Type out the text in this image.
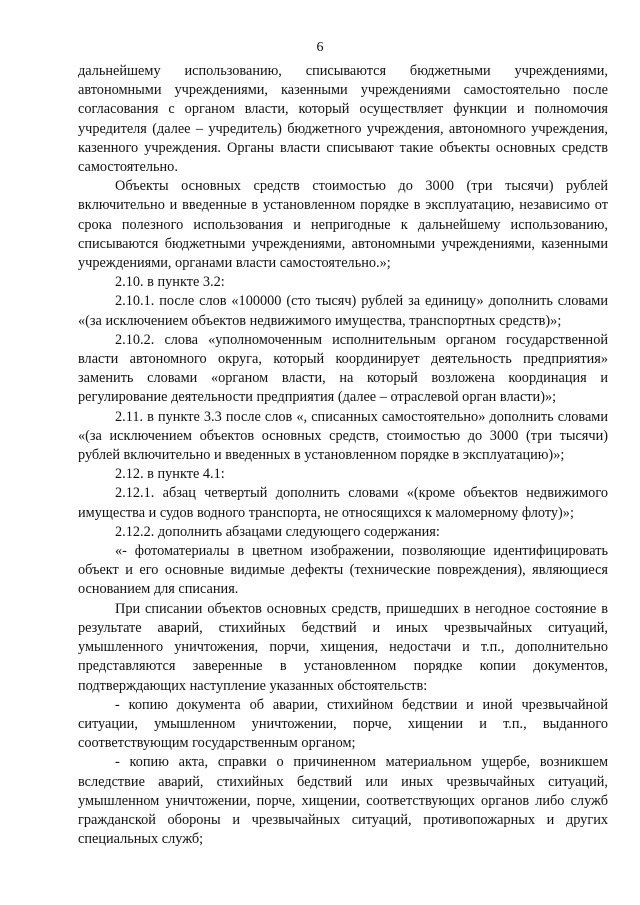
6

дальнейшему использованию, списываются бюджетными учреждениями, автономными учреждениями, казенными учреждениями самостоятельно после согласования с органом власти, который осуществляет функции и полномочия учредителя (далее – учредитель) бюджетного учреждения, автономного учреждения, казенного учреждения. Органы власти списывают такие объекты основных средств самостоятельно.

Объекты основных средств стоимостью до 3000 (три тысячи) рублей включительно и введенные в установленном порядке в эксплуатацию, независимо от срока полезного использования и непригодные к дальнейшему использованию, списываются бюджетными учреждениями, автономными учреждениями, казенными учреждениями, органами власти самостоятельно.»;

2.10. в пункте 3.2:

2.10.1. после слов «100000 (сто тысяч) рублей за единицу» дополнить словами «(за исключением объектов недвижимого имущества, транспортных средств)»;

2.10.2. слова «уполномоченным исполнительным органом государственной власти автономного округа, который координирует деятельность предприятия» заменить словами «органом власти, на который возложена координация и регулирование деятельности предприятия (далее – отраслевой орган власти)»;

2.11. в пункте 3.3 после слов «, списанных самостоятельно» дополнить словами «(за исключением объектов основных средств, стоимостью до 3000 (три тысячи) рублей включительно и введенных в установленном порядке в эксплуатацию)»;

2.12. в пункте 4.1:

2.12.1. абзац четвертый дополнить словами «(кроме объектов недвижимого имущества и судов водного транспорта, не относящихся к маломерному флоту)»;

2.12.2. дополнить абзацами следующего содержания:

«- фотоматериалы в цветном изображении, позволяющие идентифицировать объект и его основные видимые дефекты (технические повреждения), являющиеся основанием для списания.

При списании объектов основных средств, пришедших в негодное состояние в результате аварий, стихийных бедствий и иных чрезвычайных ситуаций, умышленного уничтожения, порчи, хищения, недостачи и т.п., дополнительно представляются заверенные в установленном порядке копии документов, подтверждающих наступление указанных обстоятельств:

- копию документа об аварии, стихийном бедствии и иной чрезвычайной ситуации, умышленном уничтожении, порче, хищении и т.п., выданного соответствующим государственным органом;

- копию акта, справки о причиненном материальном ущербе, возникшем вследствие аварий, стихийных бедствий или иных чрезвычайных ситуаций, умышленном уничтожении, порче, хищении, соответствующих органов либо служб гражданской обороны и чрезвычайных ситуаций, противопожарных и других специальных служб;
